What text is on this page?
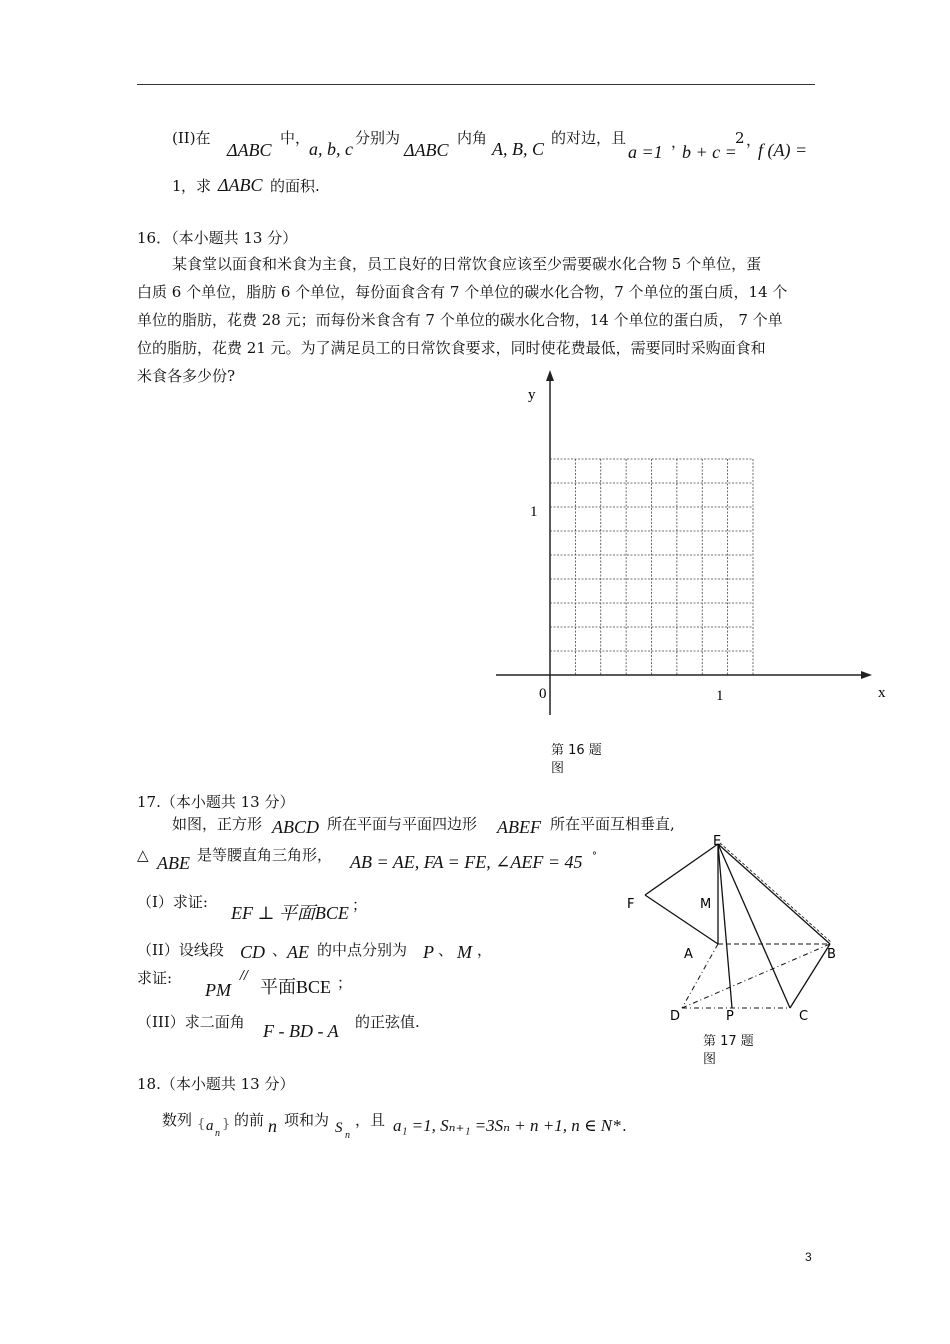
(II)在
ΔABC
中，
a, b, c
分别为
ΔABC
内角
A, B, C
的对边，且
a =1 ，
b + c =
2 ，
f (A) =
1 ，求 ΔABC 的面积.
16．（本小题共 13 分）
某食堂以面食和米食为主食，员工良好的日常饮食应该至少需要碳水化合物 5 个单位，蛋
白质 6 个单位，脂肪 6 个单位，每份面食含有 7 个单位的碳水化合物，7 个单位的蛋白质，14 个
单位的脂肪，花费 28 元；而每份米食含有 7 个单位的碳水化合物，14 个单位的蛋白质， 7 个单
位的脂肪，花费 21 元。为了满足员工的日常饮食要求，同时使花费最低，需要同时采购面食和
米食各多少份?
y
x
0
1
1
第 16 题
图
17.（本小题共 13 分）
如图，正方形 ABCD 所在平面与平面四边形 ABEF 所在平面互相垂直,
△ ABE 是等腰直角三角形， AB = AE, FA = FE, ∠AEF = 45 °
（I）求证:
EF ⊥ 平面BCE ；
（II）设线段 CD 、 AE 的中点分别为 P 、 M ，
求证:
PM
//
平面BCE ；
（III）求二面角 F - BD - A 的正弦值.
E
F	M
A	B
D	P	C
第 17 题
图
18.（本小题共 13 分）
数列 { a n
} 的前 n 项和为 S n
，且 a₁ =1, Sₙ₊₁ =3Sₙ + n +1, n ∈ N* .
3
